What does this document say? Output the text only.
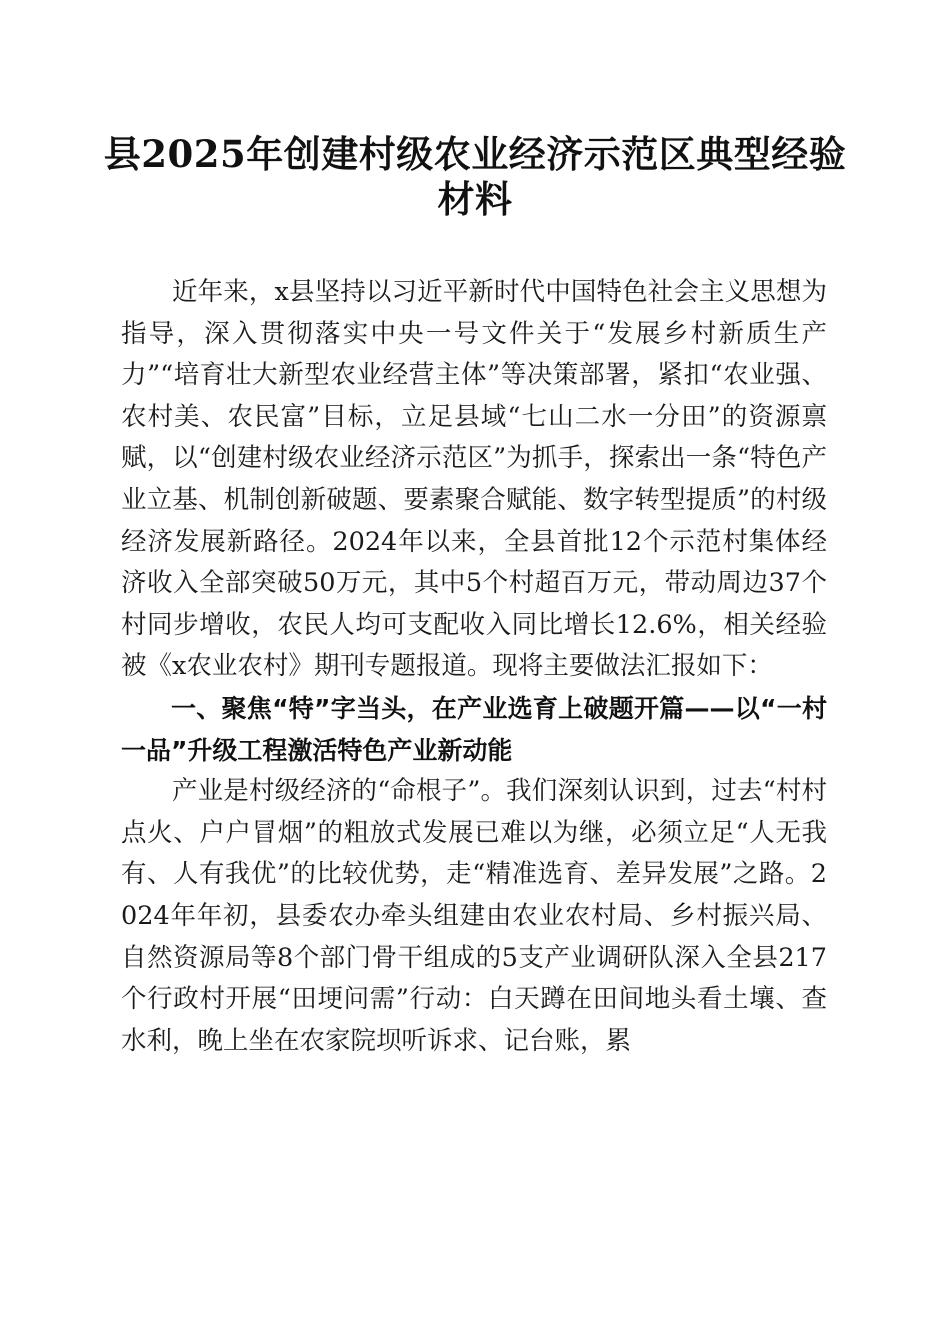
县2025年创建村级农业经济示范区典型经验材料

近年来，x县坚持以习近平新时代中国特色社会主义思想为指导，深入贯彻落实中央一号文件关于“发展乡村新质生产力”“培育壮大新型农业经营主体”等决策部署，紧扣“农业强、农村美、农民富”目标，立足县域“七山二水一分田”的资源禀赋，以“创建村级农业经济示范区”为抓手，探索出一条“特色产业立基、机制创新破题、要素聚合赋能、数字转型提质”的村级经济发展新路径。2024年以来，全县首批12个示范村集体经济收入全部突破50万元，其中5个村超百万元，带动周边37个村同步增收，农民人均可支配收入同比增长12.6%，相关经验被《x农业农村》期刊专题报道。现将主要做法汇报如下：

一、聚焦“特”字当头，在产业选育上破题开篇——以“一村一品”升级工程激活特色产业新动能

产业是村级经济的“命根子”。我们深刻认识到，过去“村村点火、户户冒烟”的粗放式发展已难以为继，必须立足“人无我有、人有我优”的比较优势，走“精准选育、差异发展”之路。2024年年初，县委农办牵头组建由农业农村局、乡村振兴局、自然资源局等8个部门骨干组成的5支产业调研队深入全县217个行政村开展“田埂问需”行动：白天蹲在田间地头看土壤、查水利，晚上坐在农家院坝听诉求、记台账，累
